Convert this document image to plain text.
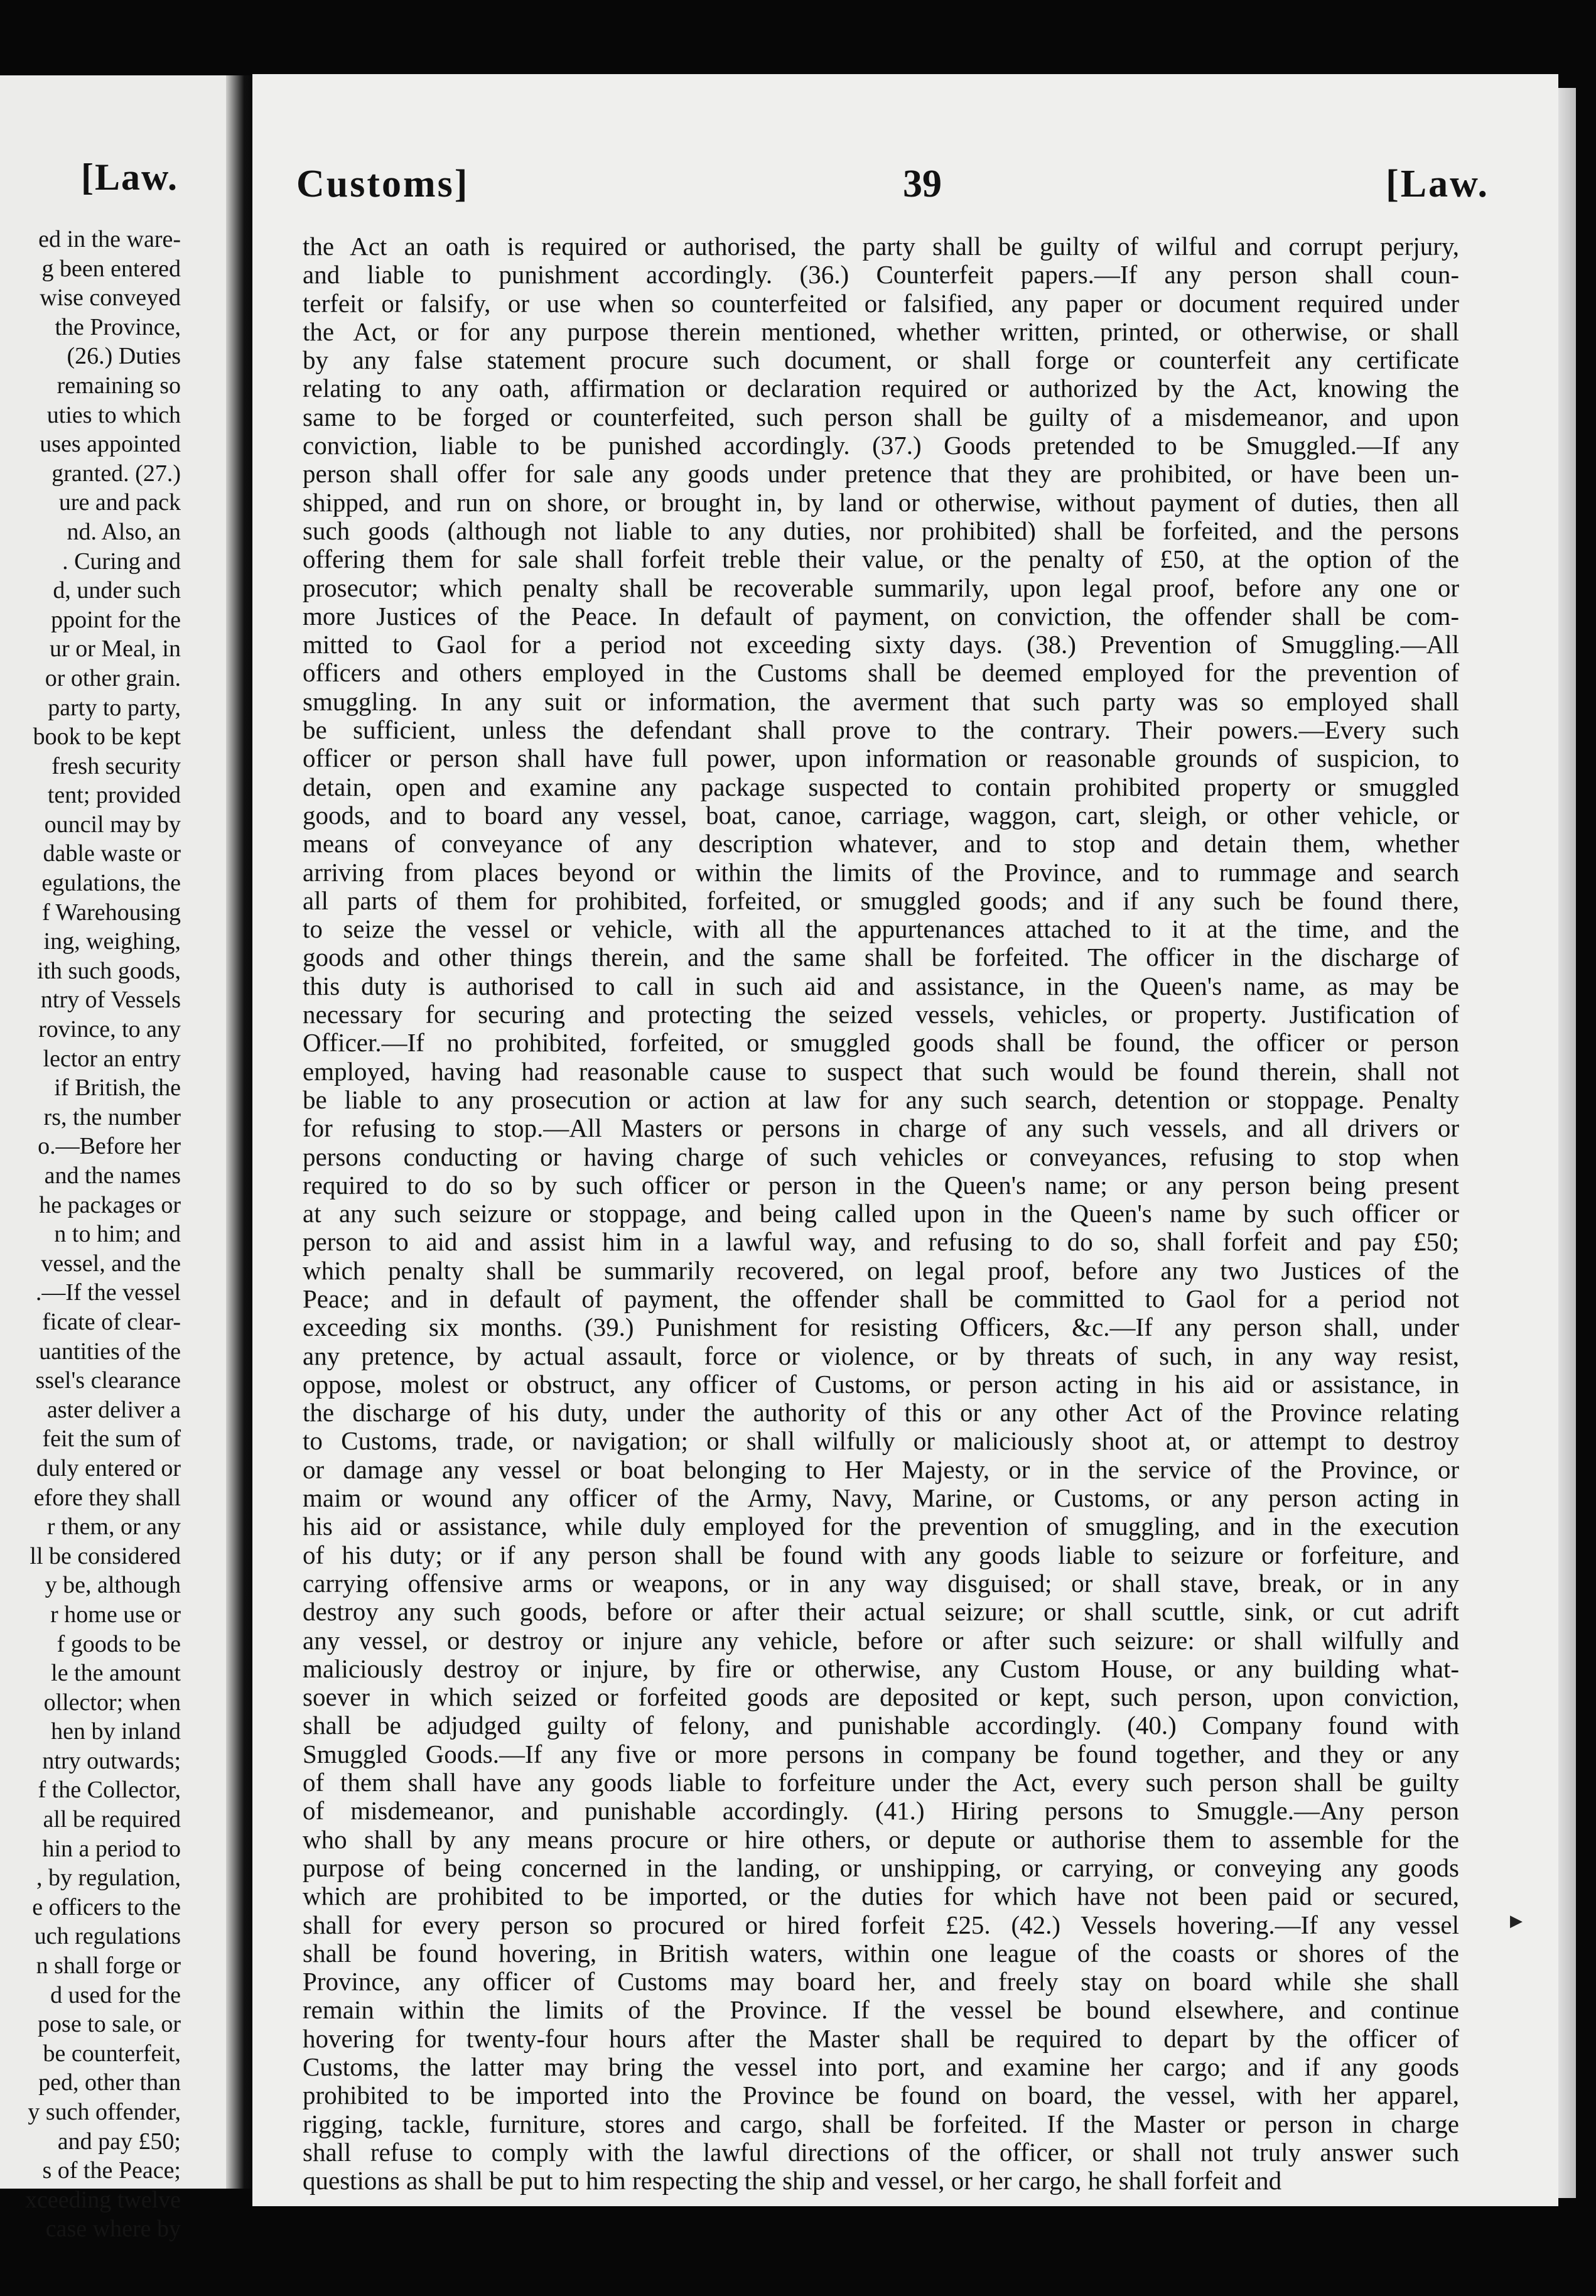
[Law.
ed in the ware-
g been entered
wise conveyed
the Province,
(26.) Duties
remaining so
uties to which
uses appointed
granted. (27.)
ure and pack
nd. Also, an
. Curing and
d, under such
ppoint for the
ur or Meal, in
or other grain.
party to party,
book to be kept
fresh security
tent; provided
ouncil may by
dable waste or
egulations, the
f Warehousing
ing, weighing,
ith such goods,
ntry of Vessels
rovince, to any
lector an entry
if British, the
rs, the number
o.—Before her
and the names
he packages or
n to him; and
vessel, and the
.—If the vessel
ficate of clear-
uantities of the
ssel's clearance
aster deliver a
feit the sum of
duly entered or
efore they shall
r them, or any
ll be considered
y be, although
r home use or
f goods to be
le the amount
ollector; when
hen by inland
ntry outwards;
f the Collector,
all be required
hin a period to
, by regulation,
e officers to the
uch regulations
n shall forge or
d used for the
pose to sale, or
be counterfeit,
ped, other than
y such offender,
and pay £50;
s of the Peace;
xceeding twelve
case where by
Customs]	39	[Law.
the Act an oath is required or authorised, the party shall be guilty of wilful and corrupt perjury,
and liable to punishment accordingly. (36.) Counterfeit papers.—If any person shall coun-
terfeit or falsify, or use when so counterfeited or falsified, any paper or document required under
the Act, or for any purpose therein mentioned, whether written, printed, or otherwise, or shall
by any false statement procure such document, or shall forge or counterfeit any certificate
relating to any oath, affirmation or declaration required or authorized by the Act, knowing the
same to be forged or counterfeited, such person shall be guilty of a misdemeanor, and upon
conviction, liable to be punished accordingly. (37.) Goods pretended to be Smuggled.—If any
person shall offer for sale any goods under pretence that they are prohibited, or have been un-
shipped, and run on shore, or brought in, by land or otherwise, without payment of duties, then all
such goods (although not liable to any duties, nor prohibited) shall be forfeited, and the persons
offering them for sale shall forfeit treble their value, or the penalty of £50, at the option of the
prosecutor; which penalty shall be recoverable summarily, upon legal proof, before any one or
more Justices of the Peace. In default of payment, on conviction, the offender shall be com-
mitted to Gaol for a period not exceeding sixty days. (38.) Prevention of Smuggling.—All
officers and others employed in the Customs shall be deemed employed for the prevention of
smuggling. In any suit or information, the averment that such party was so employed shall
be sufficient, unless the defendant shall prove to the contrary. Their powers.—Every such
officer or person shall have full power, upon information or reasonable grounds of suspicion, to
detain, open and examine any package suspected to contain prohibited property or smuggled
goods, and to board any vessel, boat, canoe, carriage, waggon, cart, sleigh, or other vehicle, or
means of conveyance of any description whatever, and to stop and detain them, whether
arriving from places beyond or within the limits of the Province, and to rummage and search
all parts of them for prohibited, forfeited, or smuggled goods; and if any such be found there,
to seize the vessel or vehicle, with all the appurtenances attached to it at the time, and the
goods and other things therein, and the same shall be forfeited. The officer in the discharge of
this duty is authorised to call in such aid and assistance, in the Queen's name, as may be
necessary for securing and protecting the seized vessels, vehicles, or property. Justification of
Officer.—If no prohibited, forfeited, or smuggled goods shall be found, the officer or person
employed, having had reasonable cause to suspect that such would be found therein, shall not
be liable to any prosecution or action at law for any such search, detention or stoppage. Penalty
for refusing to stop.—All Masters or persons in charge of any such vessels, and all drivers or
persons conducting or having charge of such vehicles or conveyances, refusing to stop when
required to do so by such officer or person in the Queen's name; or any person being present
at any such seizure or stoppage, and being called upon in the Queen's name by such officer or
person to aid and assist him in a lawful way, and refusing to do so, shall forfeit and pay £50;
which penalty shall be summarily recovered, on legal proof, before any two Justices of the
Peace; and in default of payment, the offender shall be committed to Gaol for a period not
exceeding six months. (39.) Punishment for resisting Officers, &c.—If any person shall, under
any pretence, by actual assault, force or violence, or by threats of such, in any way resist,
oppose, molest or obstruct, any officer of Customs, or person acting in his aid or assistance, in
the discharge of his duty, under the authority of this or any other Act of the Province relating
to Customs, trade, or navigation; or shall wilfully or maliciously shoot at, or attempt to destroy
or damage any vessel or boat belonging to Her Majesty, or in the service of the Province, or
maim or wound any officer of the Army, Navy, Marine, or Customs, or any person acting in
his aid or assistance, while duly employed for the prevention of smuggling, and in the execution
of his duty; or if any person shall be found with any goods liable to seizure or forfeiture, and
carrying offensive arms or weapons, or in any way disguised; or shall stave, break, or in any
destroy any such goods, before or after their actual seizure; or shall scuttle, sink, or cut adrift
any vessel, or destroy or injure any vehicle, before or after such seizure: or shall wilfully and
maliciously destroy or injure, by fire or otherwise, any Custom House, or any building what-
soever in which seized or forfeited goods are deposited or kept, such person, upon conviction,
shall be adjudged guilty of felony, and punishable accordingly. (40.) Company found with
Smuggled Goods.—If any five or more persons in company be found together, and they or any
of them shall have any goods liable to forfeiture under the Act, every such person shall be guilty
of misdemeanor, and punishable accordingly. (41.) Hiring persons to Smuggle.—Any person
who shall by any means procure or hire others, or depute or authorise them to assemble for the
purpose of being concerned in the landing, or unshipping, or carrying, or conveying any goods
which are prohibited to be imported, or the duties for which have not been paid or secured,
shall for every person so procured or hired forfeit £25. (42.) Vessels hovering.—If any vessel
shall be found hovering, in British waters, within one league of the coasts or shores of the
Province, any officer of Customs may board her, and freely stay on board while she shall
remain within the limits of the Province. If the vessel be bound elsewhere, and continue
hovering for twenty-four hours after the Master shall be required to depart by the officer of
Customs, the latter may bring the vessel into port, and examine her cargo; and if any goods
prohibited to be imported into the Province be found on board, the vessel, with her apparel,
rigging, tackle, furniture, stores and cargo, shall be forfeited. If the Master or person in charge
shall refuse to comply with the lawful directions of the officer, or shall not truly answer such
questions as shall be put to him respecting the ship and vessel, or her cargo, he shall forfeit and
▶
